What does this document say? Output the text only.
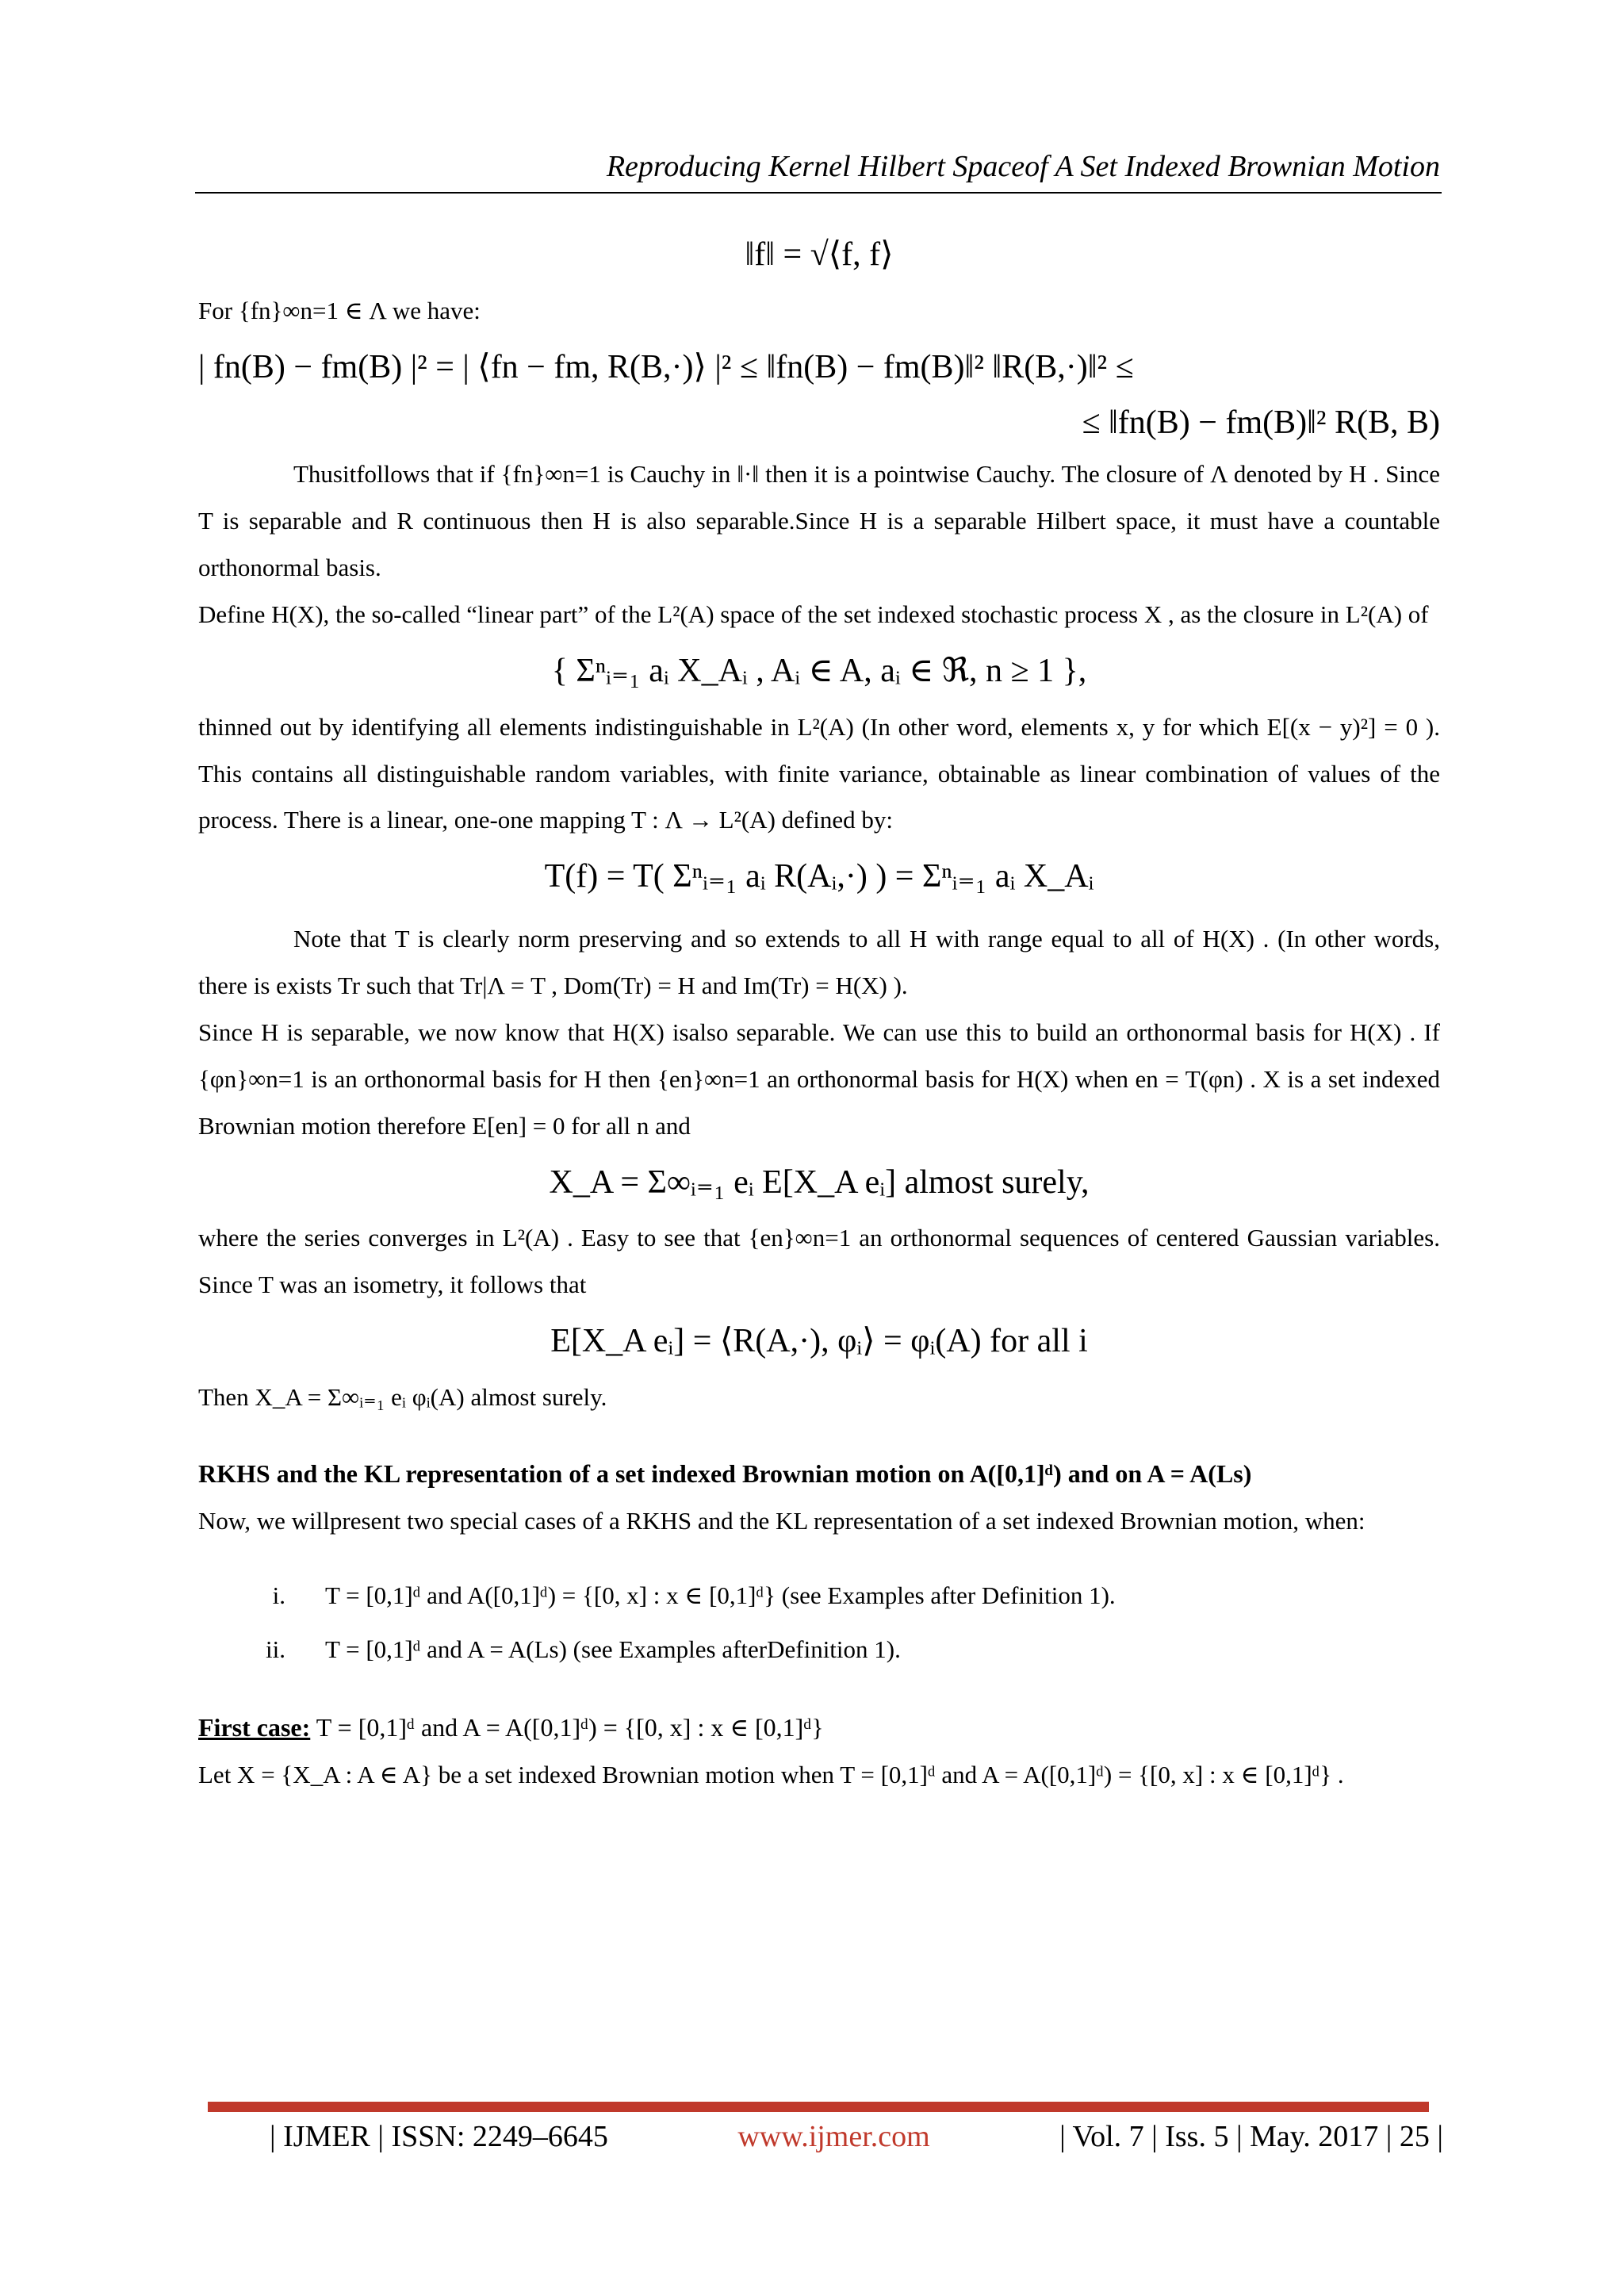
Reproducing Kernel Hilbert Spaceof A Set Indexed Brownian Motion
‖f‖ = √⟨f, f⟩

For {fn}∞n=1 ∈ Λ we have:

| fn(B) − fm(B) |² = | ⟨fn − fm, R(B,·)⟩ |² ≤ ‖fn(B) − fm(B)‖² ‖R(B,·)‖² ≤
≤ ‖fn(B) − fm(B)‖² R(B, B)

Thusitfollows that if {fn}∞n=1 is Cauchy in ‖·‖ then it is a pointwise Cauchy. The closure of Λ denoted by H . Since T is separable and R continuous then H is also separable.Since H is a separable Hilbert space, it must have a countable orthonormal basis.

Define H(X), the so-called “linear part” of the L²(A) space of the set indexed stochastic process X , as the closure in L²(A) of

{ Σⁿᵢ₌₁ aᵢ X_Aᵢ , Aᵢ ∈ A, aᵢ ∈ ℜ, n ≥ 1 },

thinned out by identifying all elements indistinguishable in L²(A) (In other word, elements x, y for which E[(x − y)²] = 0 ). This contains all distinguishable random variables, with finite variance, obtainable as linear combination of values of the process. There is a linear, one-one mapping T : Λ → L²(A) defined by:

T(f) = T( Σⁿᵢ₌₁ aᵢ R(Aᵢ,·) ) = Σⁿᵢ₌₁ aᵢ X_Aᵢ

Note that T is clearly norm preserving and so extends to all H with range equal to all of H(X) . (In other words, there is exists Tr such that Tr|Λ = T , Dom(Tr) = H and Im(Tr) = H(X) ).

Since H is separable, we now know that H(X) isalso separable. We can use this to build an orthonormal basis for H(X) . If {φn}∞n=1 is an orthonormal basis for H then {en}∞n=1 an orthonormal basis for H(X) when en = T(φn) . X is a set indexed Brownian motion therefore E[en] = 0 for all n and

X_A = Σ∞ᵢ₌₁ eᵢ E[X_A eᵢ] almost surely,

where the series converges in L²(A) . Easy to see that {en}∞n=1 an orthonormal sequences of centered Gaussian variables. Since T was an isometry, it follows that

E[X_A eᵢ] = ⟨R(A,·), φᵢ⟩ = φᵢ(A) for all i

Then X_A = Σ∞ᵢ₌₁ eᵢ φᵢ(A) almost surely.

RKHS and the KL representation of a set indexed Brownian motion on A([0,1]ᵈ) and on A = A(Ls)

Now, we willpresent two special cases of a RKHS and the KL representation of a set indexed Brownian motion, when:

i.	T = [0,1]ᵈ and A([0,1]ᵈ) = {[0, x] : x ∈ [0,1]ᵈ} (see Examples after Definition 1).
ii.	T = [0,1]ᵈ and A = A(Ls) (see Examples afterDefinition 1).

First case: T = [0,1]ᵈ and A = A([0,1]ᵈ) = {[0, x] : x ∈ [0,1]ᵈ}

Let X = {X_A : A ∈ A} be a set indexed Brownian motion when T = [0,1]ᵈ and A = A([0,1]ᵈ) = {[0, x] : x ∈ [0,1]ᵈ} .

| IJMER | ISSN: 2249–6645	www.ijmer.com	| Vol. 7 | Iss. 5 | May. 2017 | 25 |
